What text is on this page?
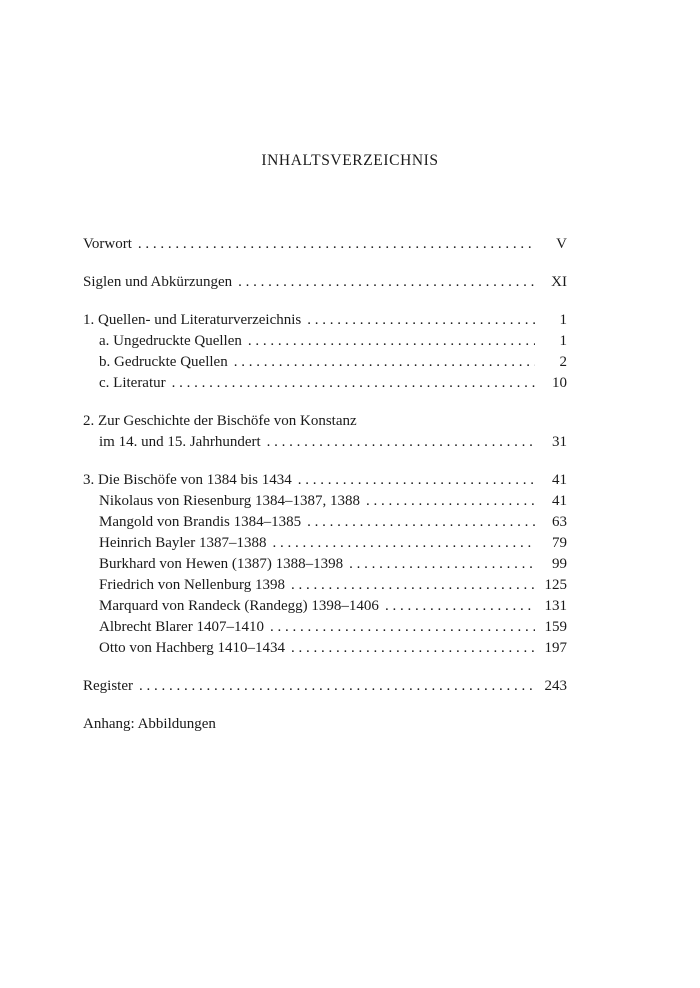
INHALTSVERZEICHNIS
Vorwort . . .	V
Siglen und Abkürzungen . . .	XI
1. Quellen- und Literaturverzeichnis . . .	1
a. Ungedruckte Quellen . . .	1
b. Gedruckte Quellen . . .	2
c. Literatur . . .	10
2. Zur Geschichte der Bischöfe von Konstanz
im 14. und 15. Jahrhundert . . .	31
3. Die Bischöfe von 1384 bis 1434 . . .	41
Nikolaus von Riesenburg 1384–1387, 1388 . . .	41
Mangold von Brandis 1384–1385 . . .	63
Heinrich Bayler 1387–1388 . . .	79
Burkhard von Hewen (1387) 1388–1398 . . .	99
Friedrich von Nellenburg 1398 . . .	125
Marquard von Randeck (Randegg) 1398–1406 . . .	131
Albrecht Blarer 1407–1410 . . .	159
Otto von Hachberg 1410–1434 . . .	197
Register . . .	243
Anhang: Abbildungen
